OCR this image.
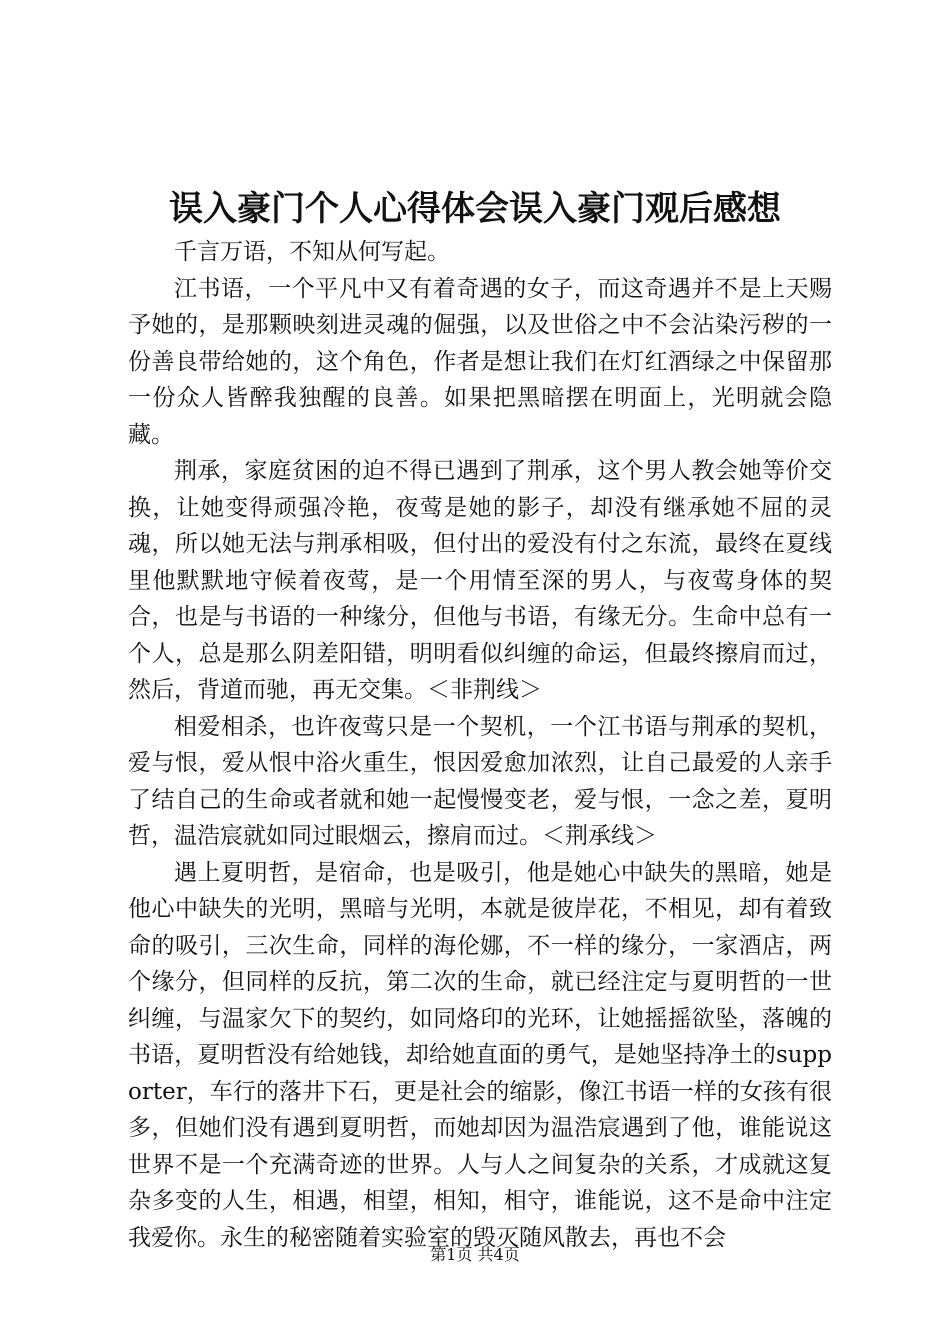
误入豪门个人心得体会误入豪门观后感想

千言万语，不知从何写起。

江书语，一个平凡中又有着奇遇的女子，而这奇遇并不是上天赐予她的，是那颗映刻进灵魂的倔强，以及世俗之中不会沾染污秽的一份善良带给她的，这个角色，作者是想让我们在灯红酒绿之中保留那一份众人皆醉我独醒的良善。如果把黑暗摆在明面上，光明就会隐藏。

荆承，家庭贫困的迫不得已遇到了荆承，这个男人教会她等价交换，让她变得顽强冷艳，夜莺是她的影子，却没有继承她不屈的灵魂，所以她无法与荆承相吸，但付出的爱没有付之东流，最终在夏线里他默默地守候着夜莺，是一个用情至深的男人，与夜莺身体的契合，也是与书语的一种缘分，但他与书语，有缘无分。生命中总有一个人，总是那么阴差阳错，明明看似纠缠的命运，但最终擦肩而过，然后，背道而驰，再无交集。＜非荆线＞

相爱相杀，也许夜莺只是一个契机，一个江书语与荆承的契机，爱与恨，爱从恨中浴火重生，恨因爱愈加浓烈，让自己最爱的人亲手了结自己的生命或者就和她一起慢慢变老，爱与恨，一念之差，夏明哲，温浩宸就如同过眼烟云，擦肩而过。＜荆承线＞

遇上夏明哲，是宿命，也是吸引，他是她心中缺失的黑暗，她是他心中缺失的光明，黑暗与光明，本就是彼岸花，不相见，却有着致命的吸引，三次生命，同样的海伦娜，不一样的缘分，一家酒店，两个缘分，但同样的反抗，第二次的生命，就已经注定与夏明哲的一世纠缠，与温家欠下的契约，如同烙印的光环，让她摇摇欲坠，落魄的书语，夏明哲没有给她钱，却给她直面的勇气，是她坚持净土的supporter，车行的落井下石，更是社会的缩影，像江书语一样的女孩有很多，但她们没有遇到夏明哲，而她却因为温浩宸遇到了他，谁能说这世界不是一个充满奇迹的世界。人与人之间复杂的关系，才成就这复杂多变的人生，相遇，相望，相知，相守，谁能说，这不是命中注定我爱你。永生的秘密随着实验室的毁灭随风散去，再也不会

第1页 共4页
